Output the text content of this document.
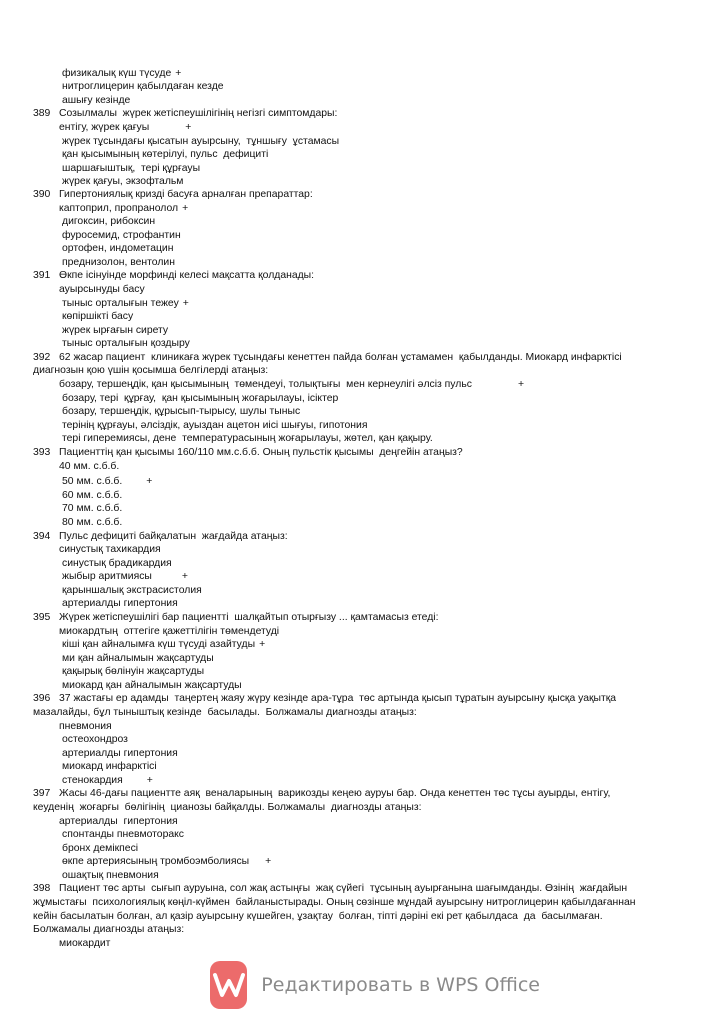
физикалық күш түсуде +
нитроглицерин қабылдаған кезде
ашығу кезінде
389   Созылмалы  жүрек жетіспеушілігінің негізгі симптомдары:
ентігу, жүрек қағуы	+
жүрек тұсындағы қысатын ауырсыну,  тұншығу  ұстамасы
қан қысымының көтерілуі, пульс  дефициті
шаршағыштық,  тері құрғауы
жүрек қағуы, экзофтальм
390   Гипертониялық кризді басуға арналған препараттар:
каптоприл, пропранолол +
дигоксин, рибоксин
фуросемид, строфантин
ортофен, индометацин
преднизолон, вентолин
391   Өкпе ісінуінде морфинді келесі мақсатта қолданады:
ауырсынуды басу
тыныс орталығын тежеу +
көпіршікті басу
жүрек ырғағын сирету
тыныс орталығын қоздыру
392   62 жасар пациент  клиникаға жүрек тұсындағы кенеттен пайда болған ұстамамен  қабылданды. Миокард инфарктісі
диагнозын қою үшін қосымша белгілерді атаңыз:
бозару, тершеңдік, қан қысымының  төмендеуі, толықтығы  мен кернеулігі әлсіз пульс	+
бозару, тері  құрғау,  қан қысымының жоғарылауы, ісіктер
бозару, тершеңдік, құрысып-тырысу, шулы тыныс
терінің құрғауы, әлсіздік, ауыздан ацетон иісі шығуы, гипотония
тері гиперемиясы, дене  температурасының жоғарылауы, жөтел, қан қақыру.
393   Пациенттің қан қысымы 160/110 мм.с.б.б. Оның пульстік қысымы  деңгейін атаңыз?
40 мм. с.б.б.
50 мм. с.б.б. +
60 мм. с.б.б.
70 мм. с.б.б.
80 мм. с.б.б.
394   Пульс дефициті байқалатын  жағдайда атаңыз:
синустық тахикардия
синустық брадикардия
жыбыр аритмиясы	+
қарыншалық экстрасистолия
артериалды гипертония
395   Жүрек жетіспеушілігі бар пациентті  шалқайтып отырғызу ... қамтамасыз етеді:
миокардтың  оттегіге қажеттілігін төмендетуді
кіші қан айналымға күш түсуді азайтуды +
ми қан айналымын жақсартуды
қақырық бөлінуін жақсартуды
миокард қан айналымын жақсартуды
396   37 жастағы ер адамды  таңертең жаяу жүру кезінде ара-тұра  төс артында қысып тұратын ауырсыну қысқа уақытқа
мазалайды, бұл тыныштық кезінде  басылады.  Болжамалы диагнозды атаңыз:
пневмония
остеохондроз
артериалды гипертония
миокард инфарктісі
стенокардия +
397   Жасы 46-дағы пациентте аяқ  веналарының  варикозды кеңею ауруы бар. Онда кенеттен төс тұсы ауырды, ентігу,
кеуденің  жоғарғы  бөлігінің  цианозы байқалды. Болжамалы  диагнозды атаңыз:
артериалды  гипертония
спонтанды пневмоторакс
бронх демікпесі
өкпе артериясының тромбоэмболиясы +
ошақтық пневмония
398   Пациент төс арты  сығып ауруына, сол жақ астыңғы  жақ сүйегі  тұсының ауырғанына шағымданды. Өзінің  жағдайын
жұмыстағы  психологиялық көңіл-күймен  байланыстырады. Оның сөзінше мұндай ауырсыну нитроглицерин қабылдағаннан
кейін басылатын болған, ал қазір ауырсыну күшейген, ұзақтау  болған, тіпті дәрінi екі рет қабылдаса  да  басылмаған.
Болжамалы диагнозды атаңыз:
миокардит
Редактировать в WPS Office
